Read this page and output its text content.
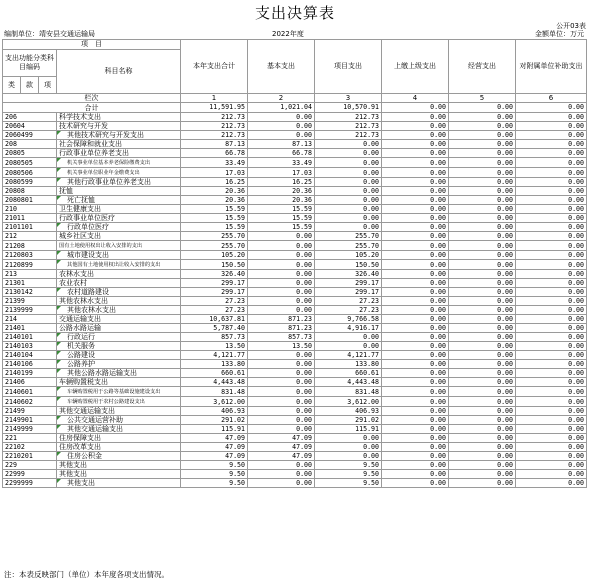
支出决算表
公开03表
编制单位：靖安县交通运输局	2022年度	金额单位：万元
项　目				本年支出合计	基本支出	项目支出	上缴上级支出	经营支出	对附属单位补助支出
支出功能分类科目编码			科目名称						
类	款	项							
栏次				1	2	3	4	5	6
合计				11,591.95	1,021.04	10,570.91	0.00	0.00	0.00
206			科学技术支出	212.73	0.00	212.73	0.00	0.00	0.00
20604			技术研究与开发	212.73	0.00	212.73	0.00	0.00	0.00
2060499			其他技术研究与开发支出	212.73	0.00	212.73	0.00	0.00	0.00
208			社会保障和就业支出	87.13	87.13	0.00	0.00	0.00	0.00
20805			行政事业单位养老支出	66.78	66.78	0.00	0.00	0.00	0.00
2080505			机关事业单位基本养老保险缴费支出	33.49	33.49	0.00	0.00	0.00	0.00
2080506			机关事业单位职业年金缴费支出	17.03	17.03	0.00	0.00	0.00	0.00
2080599			其他行政事业单位养老支出	16.25	16.25	0.00	0.00	0.00	0.00
20808			抚恤	20.36	20.36	0.00	0.00	0.00	0.00
2080801			死亡抚恤	20.36	20.36	0.00	0.00	0.00	0.00
210			卫生健康支出	15.59	15.59	0.00	0.00	0.00	0.00
21011			行政事业单位医疗	15.59	15.59	0.00	0.00	0.00	0.00
2101101			行政单位医疗	15.59	15.59	0.00	0.00	0.00	0.00
212			城乡社区支出	255.70	0.00	255.70	0.00	0.00	0.00
21208			国有土地使用权出让收入安排的支出	255.70	0.00	255.70	0.00	0.00	0.00
2120803			城市建设支出	105.20	0.00	105.20	0.00	0.00	0.00
2120899			其他国有土地使用权出让收入安排的支出	150.50	0.00	150.50	0.00	0.00	0.00
213			农林水支出	326.40	0.00	326.40	0.00	0.00	0.00
21301			农业农村	299.17	0.00	299.17	0.00	0.00	0.00
2130142			农村道路建设	299.17	0.00	299.17	0.00	0.00	0.00
21399			其他农林水支出	27.23	0.00	27.23	0.00	0.00	0.00
2139999			其他农林水支出	27.23	0.00	27.23	0.00	0.00	0.00
214			交通运输支出	10,637.81	871.23	9,766.58	0.00	0.00	0.00
21401			公路水路运输	5,787.40	871.23	4,916.17	0.00	0.00	0.00
2140101			行政运行	857.73	857.73	0.00	0.00	0.00	0.00
2140103			机关服务	13.50	13.50	0.00	0.00	0.00	0.00
2140104			公路建设	4,121.77	0.00	4,121.77	0.00	0.00	0.00
2140106			公路养护	133.80	0.00	133.80	0.00	0.00	0.00
2140199			其他公路水路运输支出	660.61	0.00	660.61	0.00	0.00	0.00
21406			车辆购置税支出	4,443.48	0.00	4,443.48	0.00	0.00	0.00
2140601			车辆购置税用于公路等基础设施建设支出	831.48	0.00	831.48	0.00	0.00	0.00
2140602			车辆购置税用于农村公路建设支出	3,612.00	0.00	3,612.00	0.00	0.00	0.00
21499			其他交通运输支出	406.93	0.00	406.93	0.00	0.00	0.00
2149901			公共交通运营补助	291.02	0.00	291.02	0.00	0.00	0.00
2149999			其他交通运输支出	115.91	0.00	115.91	0.00	0.00	0.00
221			住房保障支出	47.09	47.09	0.00	0.00	0.00	0.00
22102			住房改革支出	47.09	47.09	0.00	0.00	0.00	0.00
2210201			住房公积金	47.09	47.09	0.00	0.00	0.00	0.00
229			其他支出	9.50	0.00	9.50	0.00	0.00	0.00
22999			其他支出	9.50	0.00	9.50	0.00	0.00	0.00
2299999			其他支出	9.50	0.00	9.50	0.00	0.00	0.00
注：本表反映部门（单位）本年度各项支出情况。
